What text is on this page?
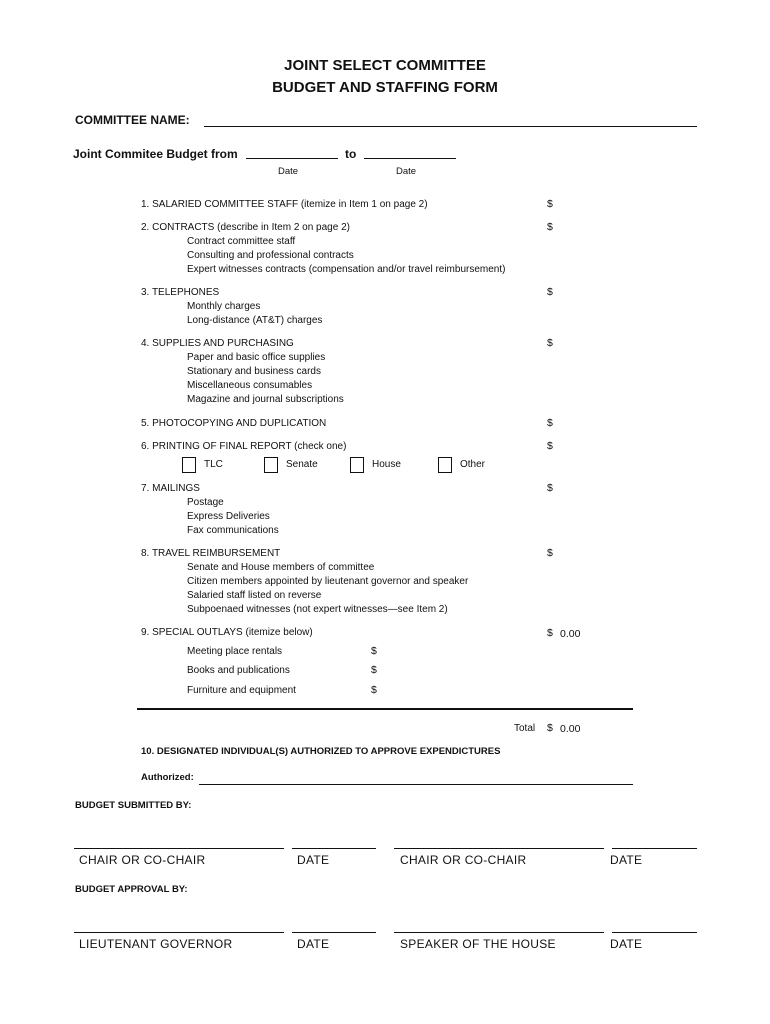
JOINT SELECT COMMITTEE
BUDGET AND STAFFING FORM
COMMITTEE NAME:
Joint Commitee Budget from	to
Date	Date
1. SALARIED COMMITTEE STAFF (itemize in Item 1 on page 2)	$
2. CONTRACTS (describe in Item 2 on page 2)	$
Contract committee staff
Consulting and professional contracts
Expert witnesses contracts (compensation and/or travel reimbursement)
3. TELEPHONES	$
Monthly charges
Long-distance (AT&T) charges
4. SUPPLIES AND PURCHASING	$
Paper and basic office supplies
Stationary and business cards
Miscellaneous consumables
Magazine and journal subscriptions
5. PHOTOCOPYING AND DUPLICATION	$
6. PRINTING OF FINAL REPORT (check one)	$
TLC	Senate	House	Other
7. MAILINGS	$
Postage
Express Deliveries
Fax communications
8. TRAVEL REIMBURSEMENT	$
Senate and House members of committee
Citizen members appointed by lieutenant governor and speaker
Salaried staff listed on reverse
Subpoenaed witnesses (not expert witnesses—see Item 2)
9. SPECIAL OUTLAYS (itemize below)	$ 0.00
Meeting place rentals	$
Books and publications	$
Furniture and equipment	$
Total $ 0.00
10. DESIGNATED INDIVIDUAL(S) AUTHORIZED TO APPROVE EXPENDICTURES
Authorized:
BUDGET SUBMITTED BY:
CHAIR OR CO-CHAIR	DATE	CHAIR OR CO-CHAIR	DATE
BUDGET APPROVAL BY:
LIEUTENANT GOVERNOR	DATE	SPEAKER OF THE HOUSE	DATE
